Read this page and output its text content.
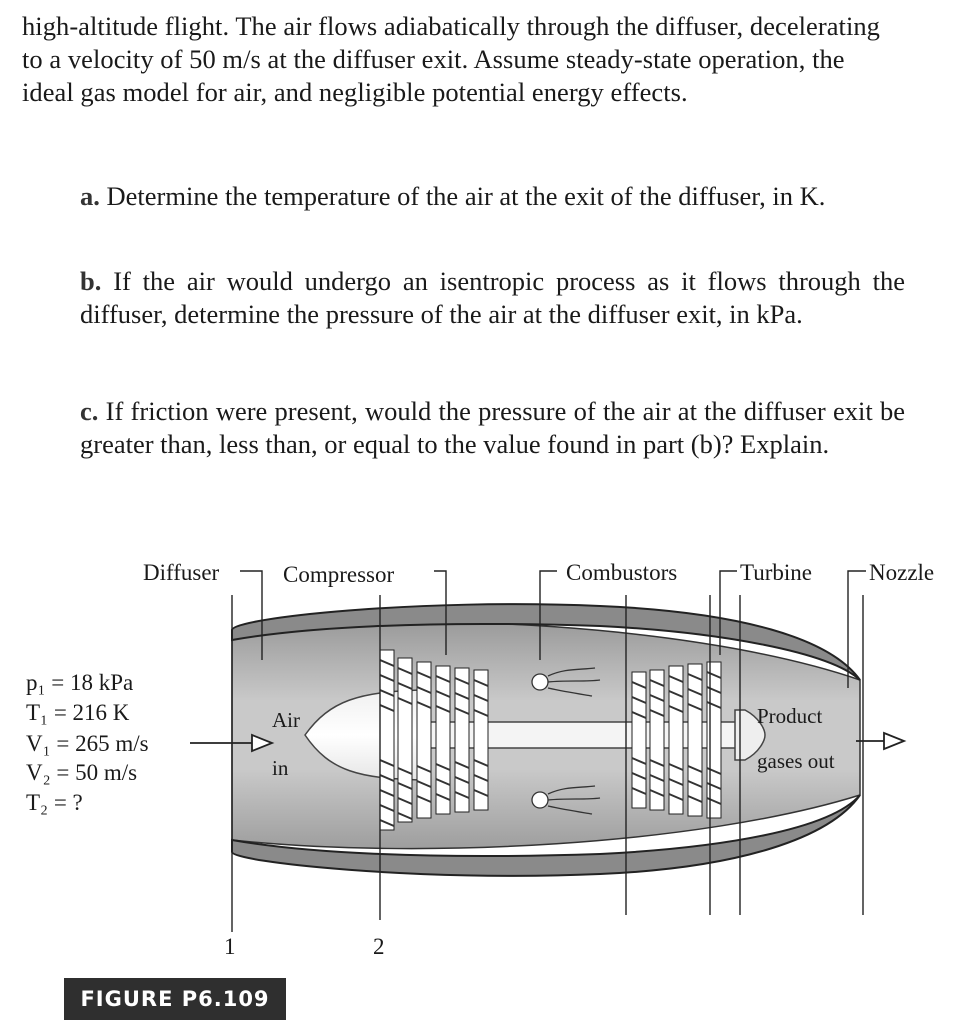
high-altitude flight. The air flows adiabatically through the diffuser, decelerating to a velocity of 50 m/s at the diffuser exit. Assume steady-state operation, the ideal gas model for air, and negligible potential energy effects.
a. Determine the temperature of the air at the exit of the diffuser, in K.
b. If the air would undergo an isentropic process as it flows through the diffuser, determine the pressure of the air at the diffuser exit, in kPa.
c. If friction were present, would the pressure of the air at the diffuser exit be greater than, less than, or equal to the value found in part (b)? Explain.
Diffuser	Compressor	Combustors	Turbine Nozzle
p₁ = 18 kPa
T₁ = 216 K
V₁ = 265 m/s
V₂ = 50 m/s
T₂ = ?
Air
in
Product
gases out
1	2
FIGURE P6.109
